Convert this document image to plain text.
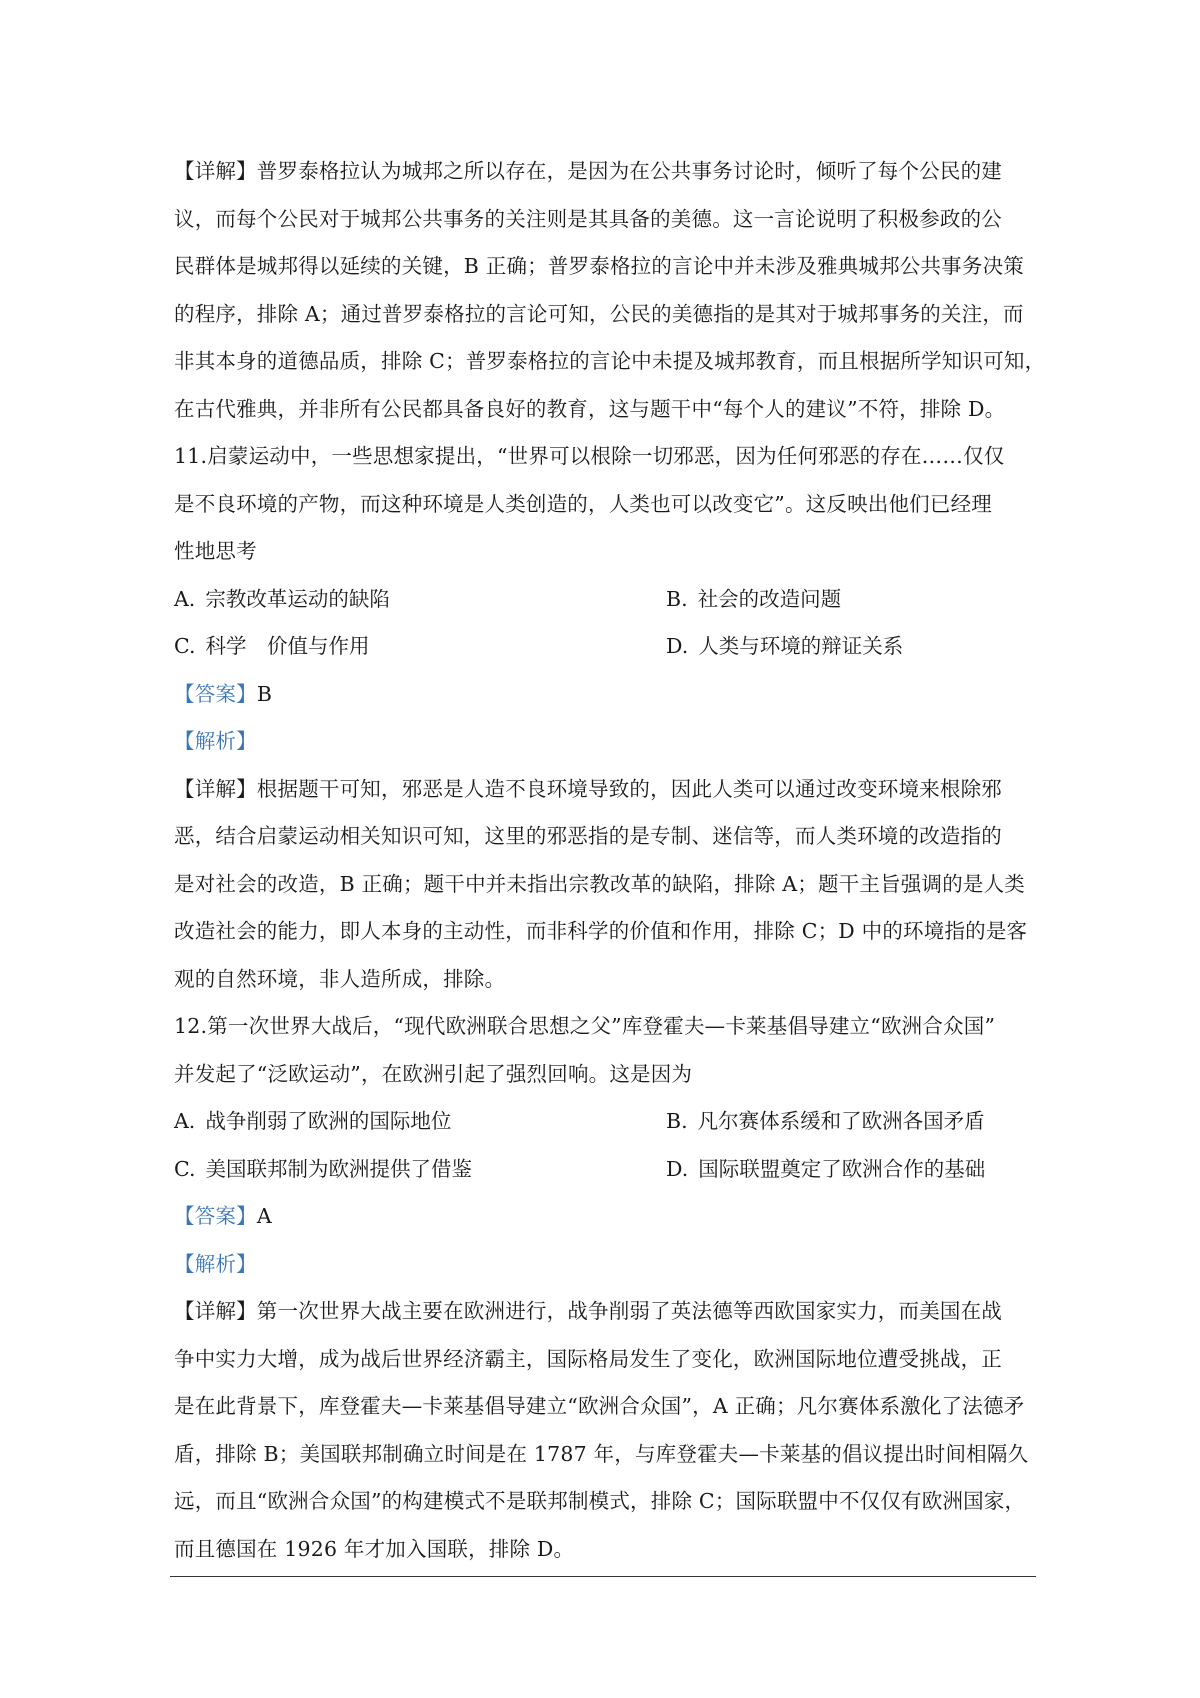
【详解】普罗泰格拉认为城邦之所以存在，是因为在公共事务讨论时，倾听了每个公民的建
议，而每个公民对于城邦公共事务的关注则是其具备的美德。这一言论说明了积极参政的公
民群体是城邦得以延续的关键，B 正确；普罗泰格拉的言论中并未涉及雅典城邦公共事务决策
的程序，排除 A；通过普罗泰格拉的言论可知，公民的美德指的是其对于城邦事务的关注，而
非其本身的道德品质，排除 C；普罗泰格拉的言论中未提及城邦教育，而且根据所学知识可知，
在古代雅典，并非所有公民都具备良好的教育，这与题干中“每个人的建议”不符，排除 D。
11.启蒙运动中，一些思想家提出，“世界可以根除一切邪恶，因为任何邪恶的存在……仅仅
是不良环境的产物，而这种环境是人类创造的，人类也可以改变它”。这反映出他们已经理
性地思考
A. 宗教改革运动的缺陷	B. 社会的改造问题
C. 科学　价值与作用	D. 人类与环境的辩证关系
【答案】B
【解析】
【详解】根据题干可知，邪恶是人造不良环境导致的，因此人类可以通过改变环境来根除邪
恶，结合启蒙运动相关知识可知，这里的邪恶指的是专制、迷信等，而人类环境的改造指的
是对社会的改造，B 正确；题干中并未指出宗教改革的缺陷，排除 A；题干主旨强调的是人类
改造社会的能力，即人本身的主动性，而非科学的价值和作用，排除 C；D 中的环境指的是客
观的自然环境，非人造所成，排除。
12.第一次世界大战后，“现代欧洲联合思想之父”库登霍夫—卡莱基倡导建立“欧洲合众国”
并发起了“泛欧运动”，在欧洲引起了强烈回响。这是因为
A. 战争削弱了欧洲的国际地位	B. 凡尔赛体系缓和了欧洲各国矛盾
C. 美国联邦制为欧洲提供了借鉴	D. 国际联盟奠定了欧洲合作的基础
【答案】A
【解析】
【详解】第一次世界大战主要在欧洲进行，战争削弱了英法德等西欧国家实力，而美国在战
争中实力大增，成为战后世界经济霸主，国际格局发生了变化，欧洲国际地位遭受挑战，正
是在此背景下，库登霍夫—卡莱基倡导建立“欧洲合众国”，A 正确；凡尔赛体系激化了法德矛
盾，排除 B；美国联邦制确立时间是在 1787 年，与库登霍夫—卡莱基的倡议提出时间相隔久
远，而且“欧洲合众国”的构建模式不是联邦制模式，排除 C；国际联盟中不仅仅有欧洲国家，
而且德国在 1926 年才加入国联，排除 D。
